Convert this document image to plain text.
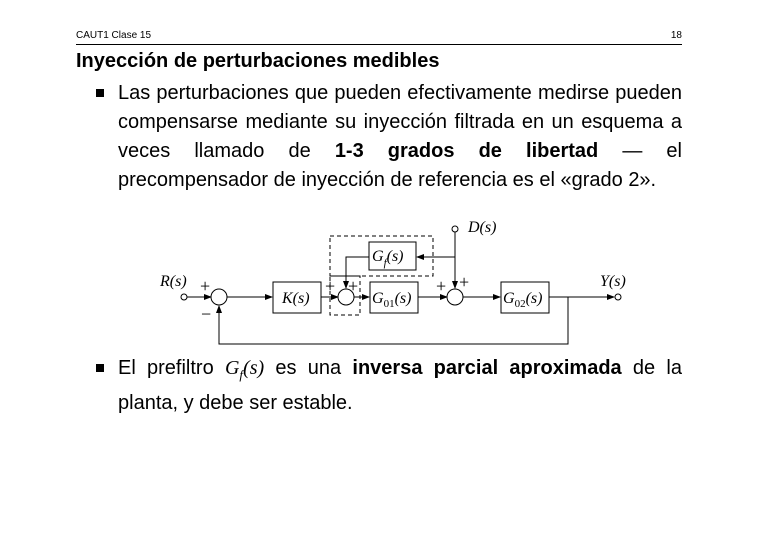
CAUT1 Clase 15	18
Inyección de perturbaciones medibles
Las perturbaciones que pueden efectivamente medirse pueden compensarse mediante su inyección filtrada en un esquema a veces llamado de 1-3 grados de libertad — el precompensador de inyección de referencia es el «grado 2».
R(s) +
−
K(s)
+ +
$G_{01}(s)$
+ +
$G_{02}(s)$
Y(s)
D(s)
$G_f(s)$
El prefiltro $G_f(s)$ es una inversa parcial aproximada de la planta, y debe ser estable.
